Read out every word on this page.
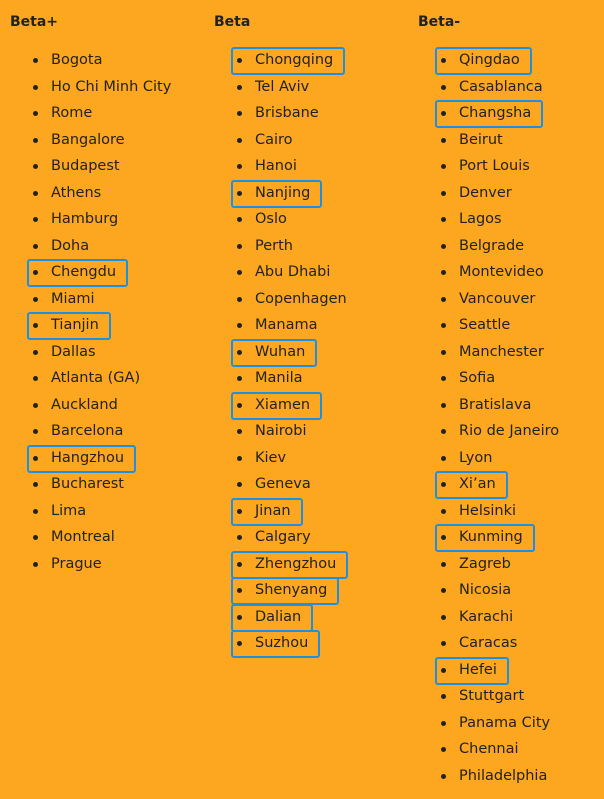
Beta+
Bogota
Ho Chi Minh City
Rome
Bangalore
Budapest
Athens
Hamburg
Doha
Chengdu
Miami
Tianjin
Dallas
Atlanta (GA)
Auckland
Barcelona
Hangzhou
Bucharest
Lima
Montreal
Prague
Beta
Chongqing
Tel Aviv
Brisbane
Cairo
Hanoi
Nanjing
Oslo
Perth
Abu Dhabi
Copenhagen
Manama
Wuhan
Manila
Xiamen
Nairobi
Kiev
Geneva
Jinan
Calgary
Zhengzhou
Shenyang
Dalian
Suzhou
Beta-
Qingdao
Casablanca
Changsha
Beirut
Port Louis
Denver
Lagos
Belgrade
Montevideo
Vancouver
Seattle
Manchester
Sofia
Bratislava
Rio de Janeiro
Lyon
Xi’an
Helsinki
Kunming
Zagreb
Nicosia
Karachi
Caracas
Hefei
Stuttgart
Panama City
Chennai
Philadelphia
